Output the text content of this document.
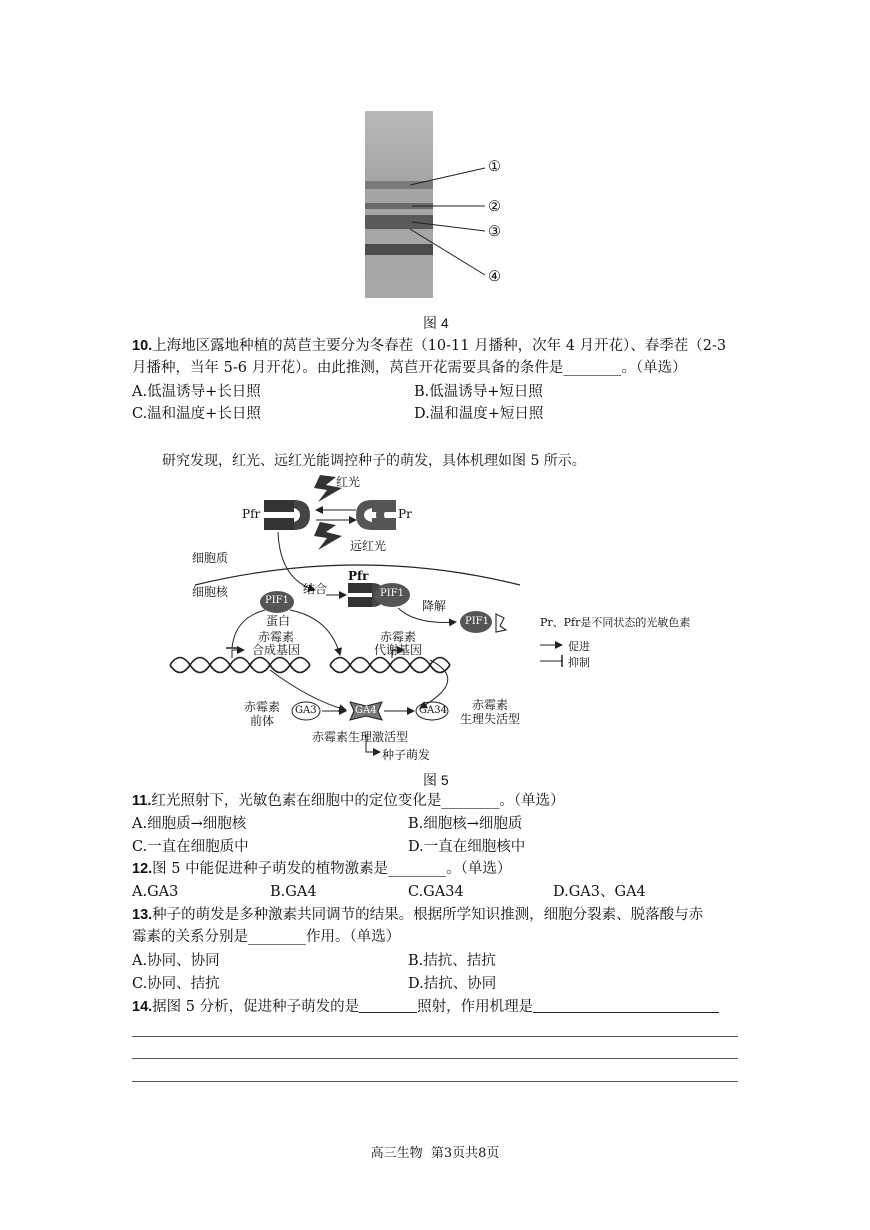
①
②
③
④
图 4
10.上海地区露地种植的莴苣主要分为冬春茬（10-11 月播种，次年 4 月开花）、春季茬（2-3
月播种，当年 5-6 月开花）。由此推测，莴苣开花需要具备的条件是________。（单选）
A.低温诱导+长日照	B.低温诱导+短日照
C.温和温度+长日照	D.温和温度+短日照
研究发现，红光、远红光能调控种子的萌发，具体机理如图 5 所示。
红光
远红光
Pfr	Pr
细胞质
细胞核	结合
Pfr
PIF1
降解
PIF1
PIF1
蛋白
赤霉素
合成基因
赤霉素
代谢基因
赤霉素
前体
GA3	GA4	GA34 赤霉素
生理失活型
赤霉素生理激活型
种子萌发
Pr、Pfr是不同状态的光敏色素
促进
抑制
图 5
11.红光照射下，光敏色素在细胞中的定位变化是________。（单选）
A.细胞质→细胞核	B.细胞核→细胞质
C.一直在细胞质中	D.一直在细胞核中
12.图 5 中能促进种子萌发的植物激素是________。（单选）
A.GA3	B.GA4	C.GA34	D.GA3、GA4
13.种子的萌发是多种激素共同调节的结果。根据所学知识推测，细胞分裂素、脱落酸与赤
霉素的关系分别是________作用。（单选）
A.协同、协同	B.拮抗、拮抗
C.协同、拮抗	D.拮抗、协同
14.据图 5 分析，促进种子萌发的是	照射，作用机理是
高三生物  第3页共8页
